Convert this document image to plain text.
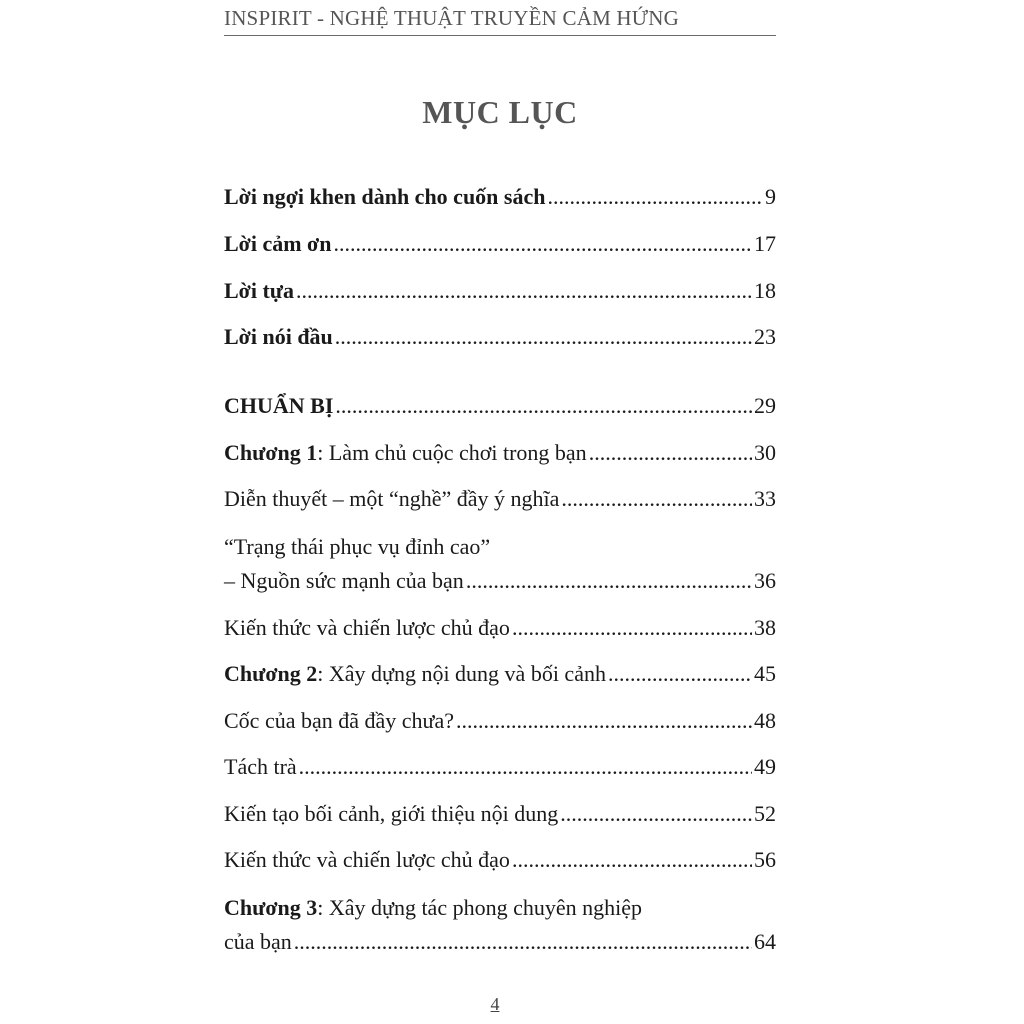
INSPIRIT - NGHỆ THUẬT TRUYỀN CẢM HỨNG
MỤC LỤC
Lời ngợi khen dành cho cuốn sách .....	9
Lời cảm ơn .....	17
Lời tựa .....	18
Lời nói đầu .....	23
CHUẨN BỊ .....	29
Chương 1: Làm chủ cuộc chơi trong bạn .....	30
Diễn thuyết – một “nghề” đầy ý nghĩa .....	33
“Trạng thái phục vụ đỉnh cao”
– Nguồn sức mạnh của bạn .....	36
Kiến thức và chiến lược chủ đạo .....	38
Chương 2: Xây dựng nội dung và bối cảnh .....	45
Cốc của bạn đã đầy chưa? .....	48
Tách trà .....	49
Kiến tạo bối cảnh, giới thiệu nội dung .....	52
Kiến thức và chiến lược chủ đạo .....	56
Chương 3: Xây dựng tác phong chuyên nghiệp
của bạn .....	64
4
